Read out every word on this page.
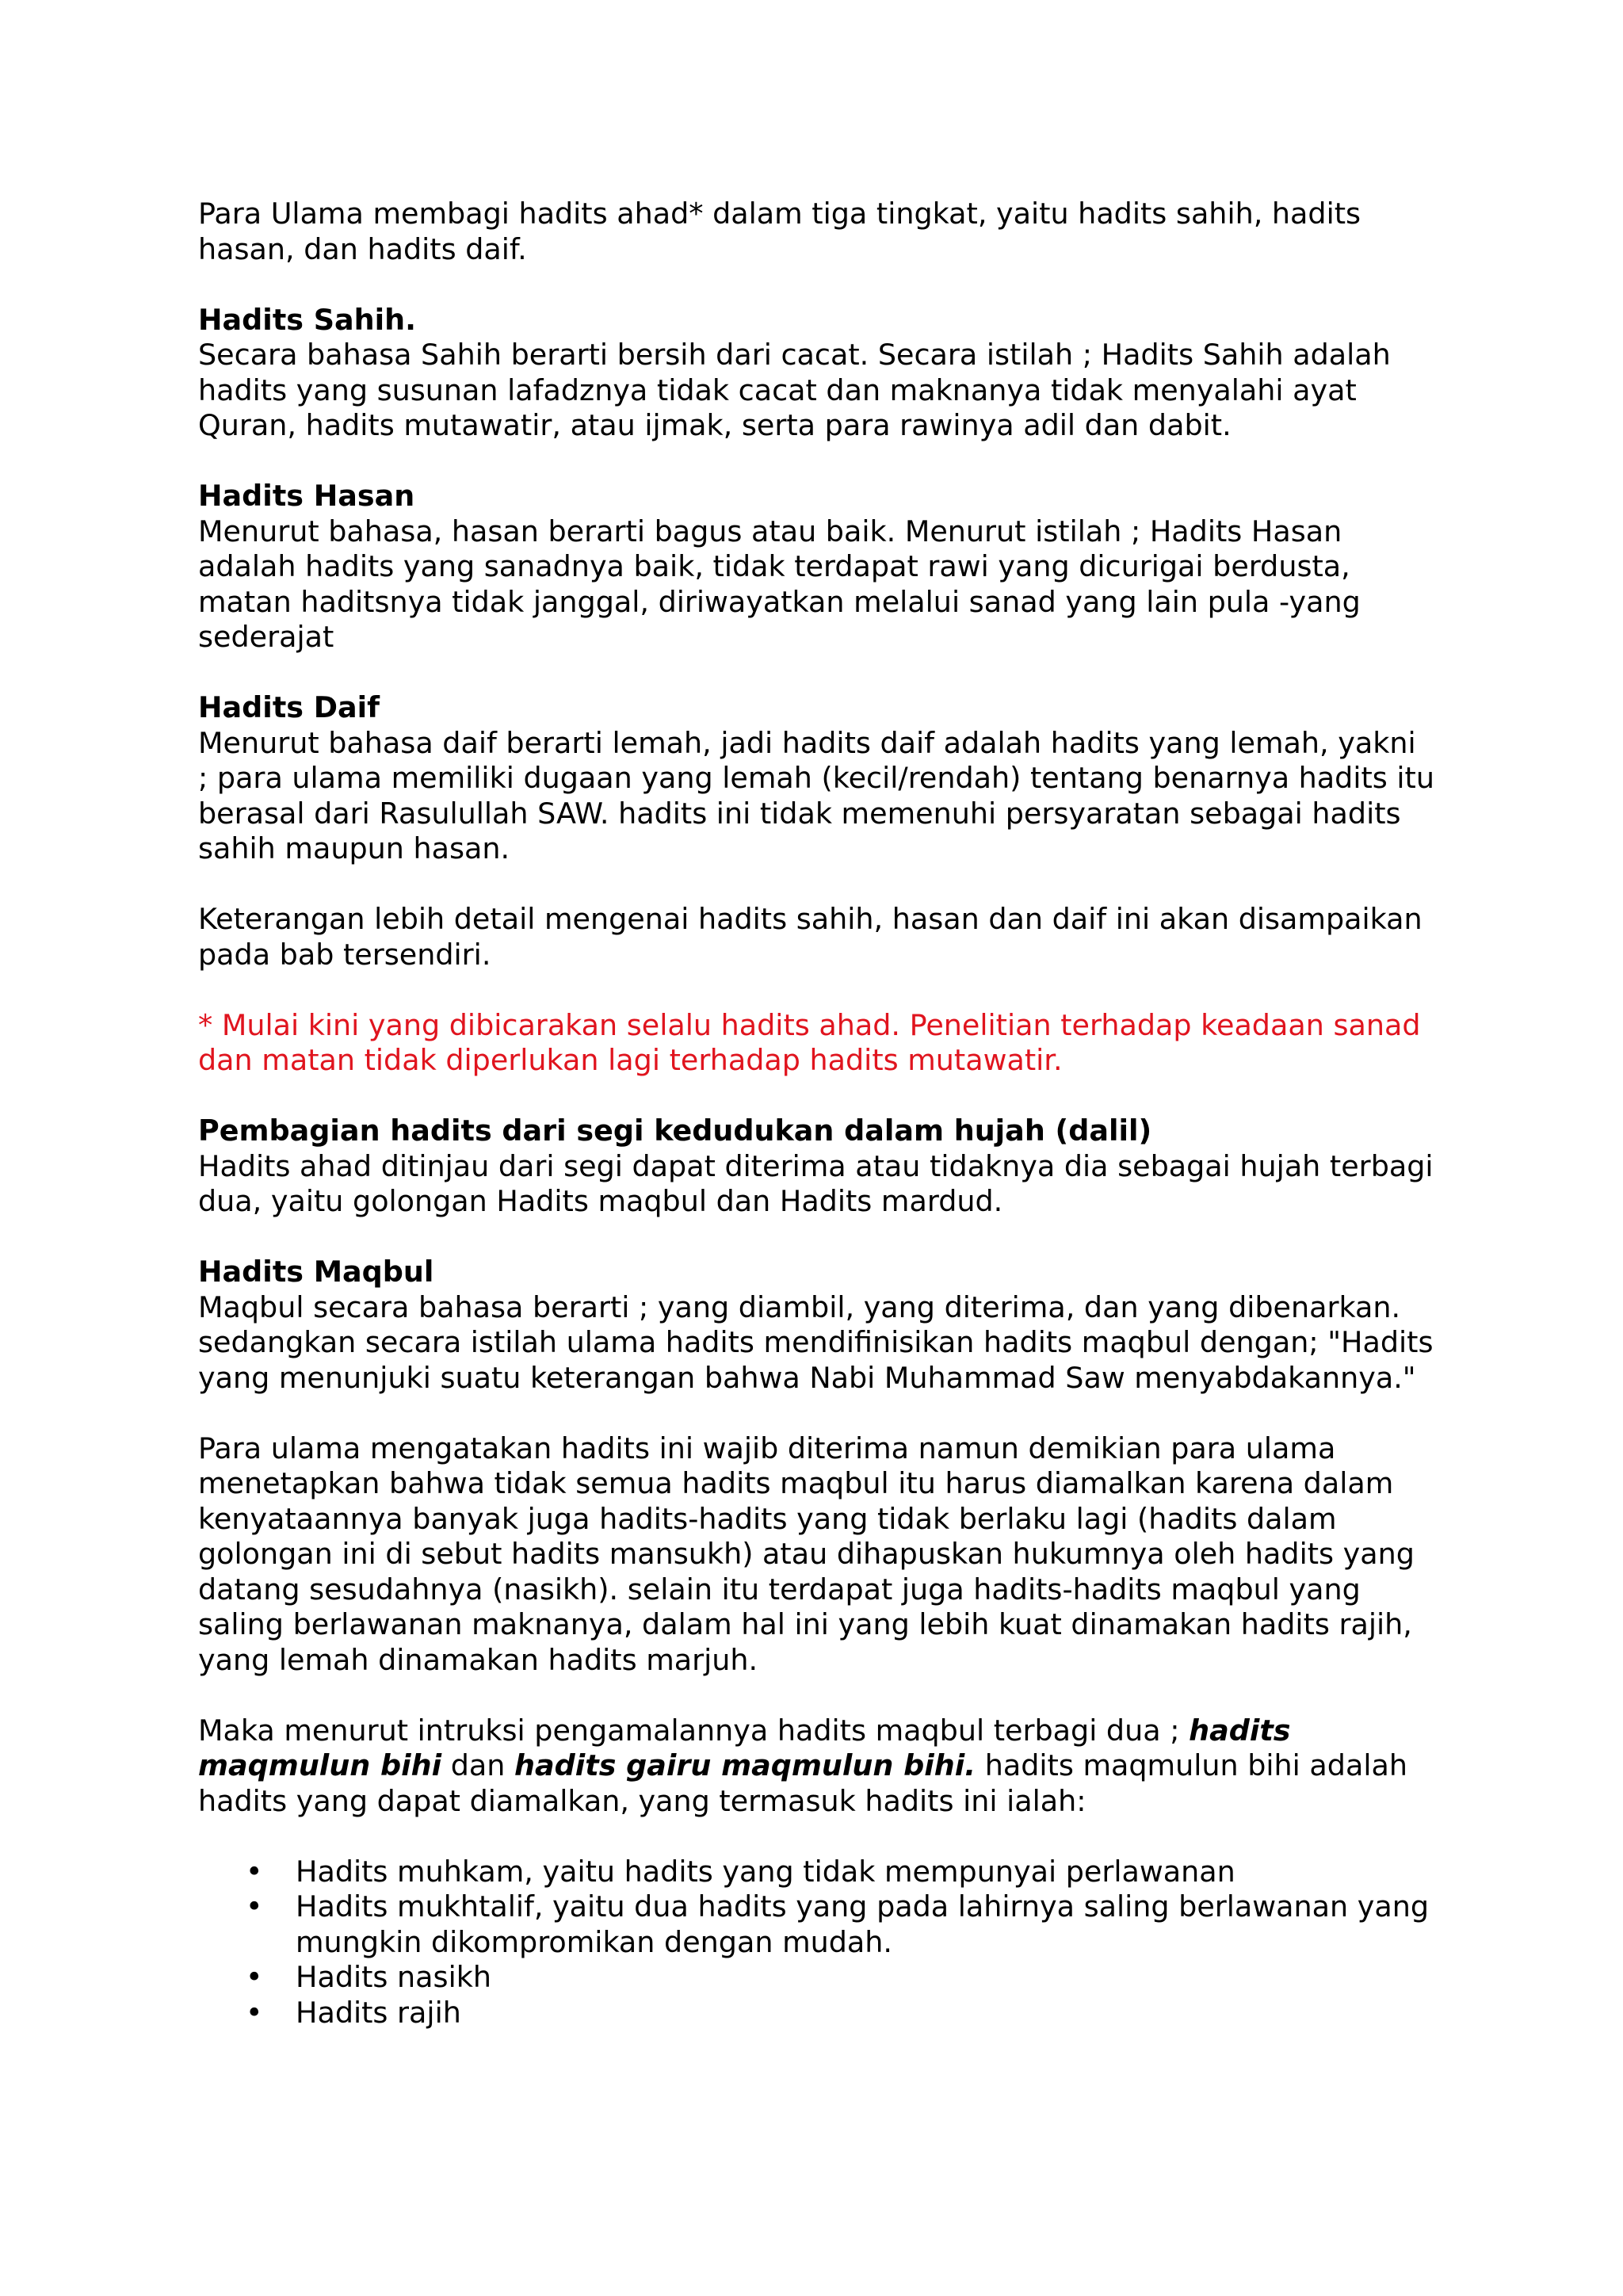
Para Ulama membagi hadits ahad* dalam tiga tingkat, yaitu hadits sahih, hadits hasan, dan hadits daif.

Hadits Sahih.
Secara bahasa Sahih berarti bersih dari cacat. Secara istilah ; Hadits Sahih adalah hadits yang susunan lafadznya tidak cacat dan maknanya tidak menyalahi ayat Quran, hadits mutawatir, atau ijmak, serta para rawinya adil dan dabit.
Hadits Hasan
Menurut bahasa, hasan berarti bagus atau baik. Menurut istilah ; Hadits Hasan adalah hadits yang sanadnya baik, tidak terdapat rawi yang dicurigai berdusta, matan haditsnya tidak janggal, diriwayatkan melalui sanad yang lain pula -yang sederajat
Hadits Daif
Menurut bahasa daif berarti lemah, jadi hadits daif adalah hadits yang lemah, yakni ; para ulama memiliki dugaan yang lemah (kecil/rendah) tentang benarnya hadits itu berasal dari Rasulullah SAW. hadits ini tidak memenuhi persyaratan sebagai hadits sahih maupun hasan.

Keterangan lebih detail mengenai hadits sahih, hasan dan daif ini akan disampaikan pada bab tersendiri.

* Mulai kini yang dibicarakan selalu hadits ahad. Penelitian terhadap keadaan sanad dan matan tidak diperlukan lagi terhadap hadits mutawatir.

Pembagian hadits dari segi kedudukan dalam hujah (dalil)
Hadits ahad ditinjau dari segi dapat diterima atau tidaknya dia sebagai hujah terbagi dua, yaitu golongan Hadits maqbul dan Hadits mardud.
Hadits Maqbul
Maqbul secara bahasa berarti ; yang diambil, yang diterima, dan yang dibenarkan. sedangkan secara istilah ulama hadits mendifinisikan hadits maqbul dengan; "Hadits yang menunjuki suatu keterangan bahwa Nabi Muhammad Saw menyabdakannya."

Para ulama mengatakan hadits ini wajib diterima namun demikian para ulama menetapkan bahwa tidak semua hadits maqbul itu harus diamalkan karena dalam kenyataannya banyak juga hadits-hadits yang tidak berlaku lagi (hadits dalam golongan ini di sebut hadits mansukh) atau dihapuskan hukumnya oleh hadits yang datang sesudahnya (nasikh). selain itu terdapat juga hadits-hadits maqbul yang saling berlawanan maknanya, dalam hal ini yang lebih kuat dinamakan hadits rajih, yang lemah dinamakan hadits marjuh.

Maka menurut intruksi pengamalannya hadits maqbul terbagi dua ; hadits maqmulun bihi dan hadits gairu maqmulun bihi. hadits maqmulun bihi adalah hadits yang dapat diamalkan, yang termasuk hadits ini ialah:

• Hadits muhkam, yaitu hadits yang tidak mempunyai perlawanan
• Hadits mukhtalif, yaitu dua hadits yang pada lahirnya saling berlawanan yang mungkin dikompromikan dengan mudah.
• Hadits nasikh
• Hadits rajih
